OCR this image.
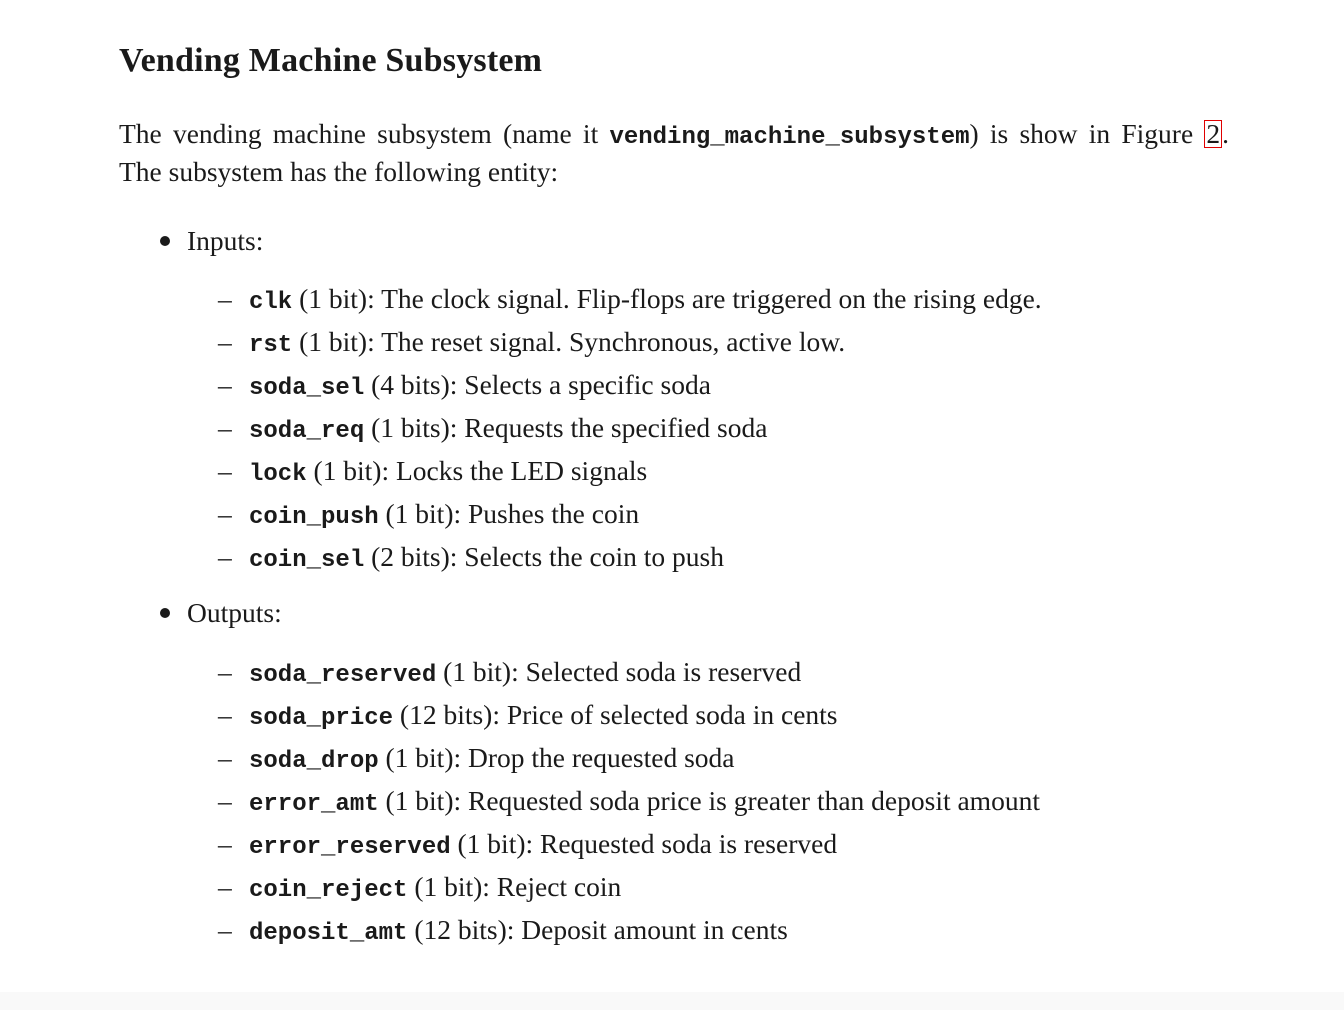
Vending Machine Subsystem

The vending machine subsystem (name it vending_machine_subsystem) is show in Figure 2. The subsystem has the following entity:

Inputs:
– clk (1 bit): The clock signal. Flip-flops are triggered on the rising edge.
– rst (1 bit): The reset signal. Synchronous, active low.
– soda_sel (4 bits): Selects a specific soda
– soda_req (1 bits): Requests the specified soda
– lock (1 bit): Locks the LED signals
– coin_push (1 bit): Pushes the coin
– coin_sel (2 bits): Selects the coin to push
Outputs:
– soda_reserved (1 bit): Selected soda is reserved
– soda_price (12 bits): Price of selected soda in cents
– soda_drop (1 bit): Drop the requested soda
– error_amt (1 bit): Requested soda price is greater than deposit amount
– error_reserved (1 bit): Requested soda is reserved
– coin_reject (1 bit): Reject coin
– deposit_amt (12 bits): Deposit amount in cents
